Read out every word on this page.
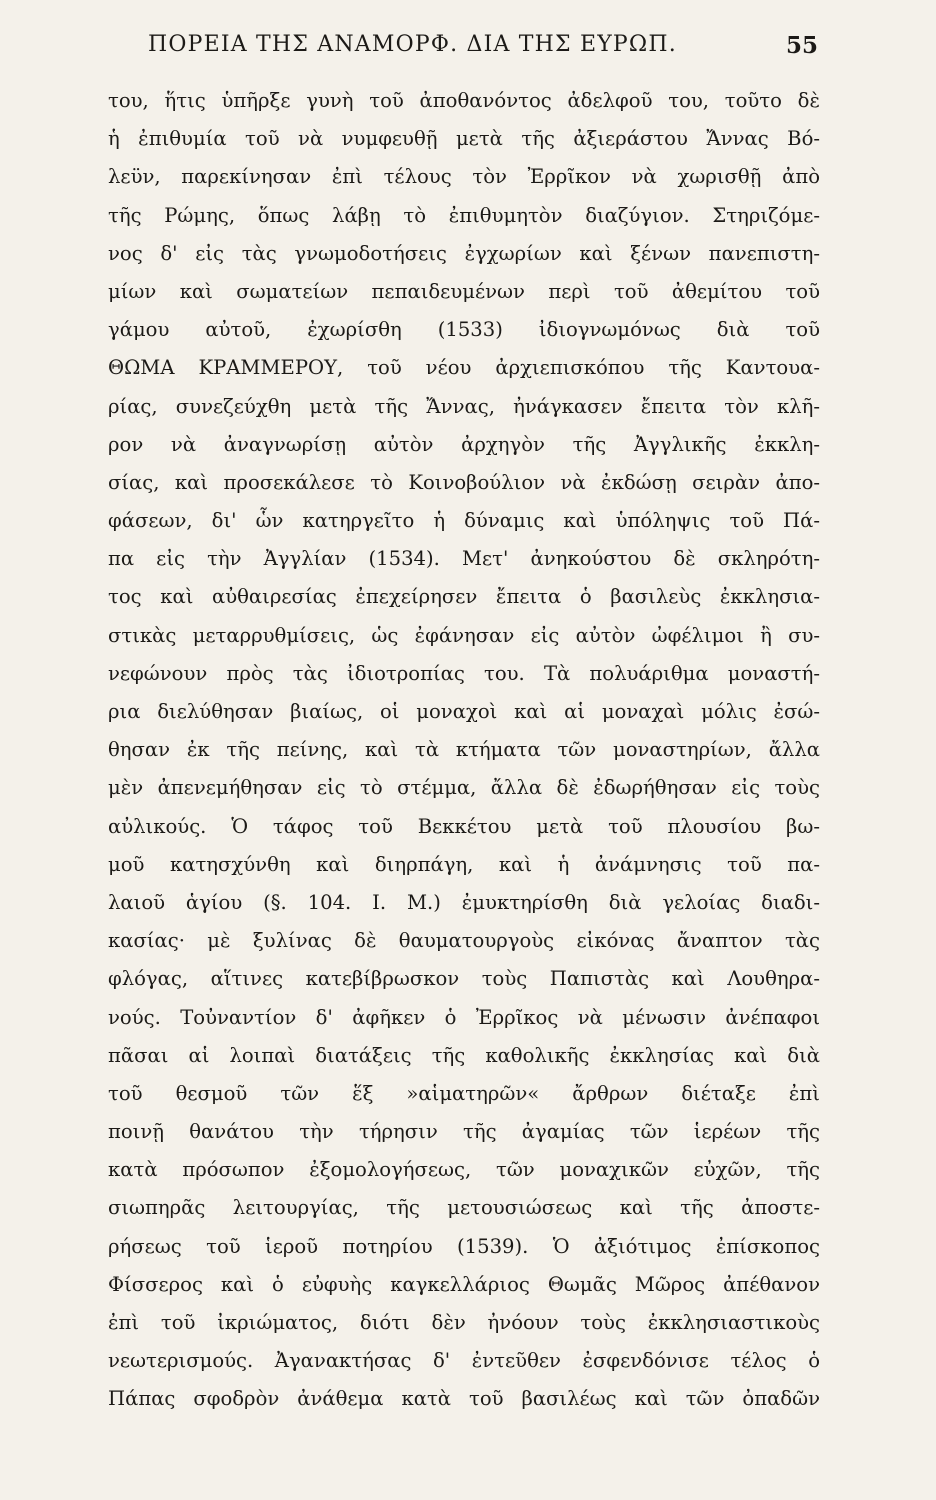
ΠΟΡΕΙΑ ΤΗΣ ΑΝΑΜΟΡΦ. ΔΙΑ ΤΗΣ ΕΥΡΩΠ.	55
του, ἥτις ὑπῆρξε γυνὴ τοῦ ἀποθανόντος ἀδελφοῦ του, τοῦτο δὲ
ἡ ἐπιθυμία τοῦ νὰ νυμφευθῇ μετὰ τῆς ἀξιεράστου Ἄννας Βό-
λεϋν, παρεκίνησαν ἐπὶ τέλους τὸν Ἐρρῖκον νὰ χωρισθῇ ἀπὸ
τῆς Ρώμης, ὅπως λάβῃ τὸ ἐπιθυμητὸν διαζύγιον. Στηριζόμε-
νος δ' εἰς τὰς γνωμοδοτήσεις ἐγχωρίων καὶ ξένων πανεπιστη-
μίων καὶ σωματείων πεπαιδευμένων περὶ τοῦ ἀθεμίτου τοῦ
γάμου αὐτοῦ, ἐχωρίσθη (1533) ἰδιογνωμόνως διὰ τοῦ
ΘΩΜΑ ΚΡΑΜΜΕΡΟΥ, τοῦ νέου ἀρχιεπισκόπου τῆς Καντουα-
ρίας, συνεζεύχθη μετὰ τῆς Ἄννας, ἠνάγκασεν ἔπειτα τὸν κλῆ-
ρον νὰ ἀναγνωρίσῃ αὐτὸν ἀρχηγὸν τῆς Ἀγγλικῆς ἐκκλη-
σίας, καὶ προσεκάλεσε τὸ Κοινοβούλιον νὰ ἐκδώσῃ σειρὰν ἀπο-
φάσεων, δι' ὧν κατηργεῖτο ἡ δύναμις καὶ ὑπόληψις τοῦ Πά-
πα εἰς τὴν Ἀγγλίαν (1534). Μετ' ἀνηκούστου δὲ σκληρότη-
τος καὶ αὐθαιρεσίας ἐπεχείρησεν ἔπειτα ὁ βασιλεὺς ἐκκλησια-
στικὰς μεταρρυθμίσεις, ὡς ἐφάνησαν εἰς αὐτὸν ὠφέλιμοι ἢ συ-
νεφώνουν πρὸς τὰς ἰδιοτροπίας του. Τὰ πολυάριθμα μοναστή-
ρια διελύθησαν βιαίως, οἱ μοναχοὶ καὶ αἱ μοναχαὶ μόλις ἐσώ-
θησαν ἐκ τῆς πείνης, καὶ τὰ κτήματα τῶν μοναστηρίων, ἄλλα
μὲν ἀπενεμήθησαν εἰς τὸ στέμμα, ἄλλα δὲ ἐδωρήθησαν εἰς τοὺς
αὐλικούς. Ὁ τάφος τοῦ Βεκκέτου μετὰ τοῦ πλουσίου βω-
μοῦ κατησχύνθη καὶ διηρπάγη, καὶ ἡ ἀνάμνησις τοῦ πα-
λαιοῦ ἁγίου (§. 104. I. M.) ἐμυκτηρίσθη διὰ γελοίας διαδι-
κασίας· μὲ ξυλίνας δὲ θαυματουργοὺς εἰκόνας ἄναπτον τὰς
φλόγας, αἵτινες κατεβίβρωσκον τοὺς Παπιστὰς καὶ Λουθηρα-
νούς. Τοὐναντίον δ' ἀφῆκεν ὁ Ἐρρῖκος νὰ μένωσιν ἀνέπαφοι
πᾶσαι αἱ λοιπαὶ διατάξεις τῆς καθολικῆς ἐκκλησίας καὶ διὰ
τοῦ θεσμοῦ τῶν ἕξ »αἱματηρῶν« ἄρθρων διέταξε ἐπὶ
ποινῇ θανάτου τὴν τήρησιν τῆς ἀγαμίας τῶν ἱερέων τῆς
κατὰ πρόσωπον ἐξομολογήσεως, τῶν μοναχικῶν εὐχῶν, τῆς
σιωπηρᾶς λειτουργίας, τῆς μετουσιώσεως καὶ τῆς ἀποστε-
ρήσεως τοῦ ἱεροῦ ποτηρίου (1539). Ὁ ἀξιότιμος ἐπίσκοπος
Φίσσερος καὶ ὁ εὐφυὴς καγκελλάριος Θωμᾶς Μῶρος ἀπέθανον
ἐπὶ τοῦ ἰκριώματος, διότι δὲν ἠνόουν τοὺς ἐκκλησιαστικοὺς
νεωτερισμούς. Ἀγανακτήσας δ' ἐντεῦθεν ἐσφενδόνισε τέλος ὁ
Πάπας σφοδρὸν ἀνάθεμα κατὰ τοῦ βασιλέως καὶ τῶν ὀπαδῶν
